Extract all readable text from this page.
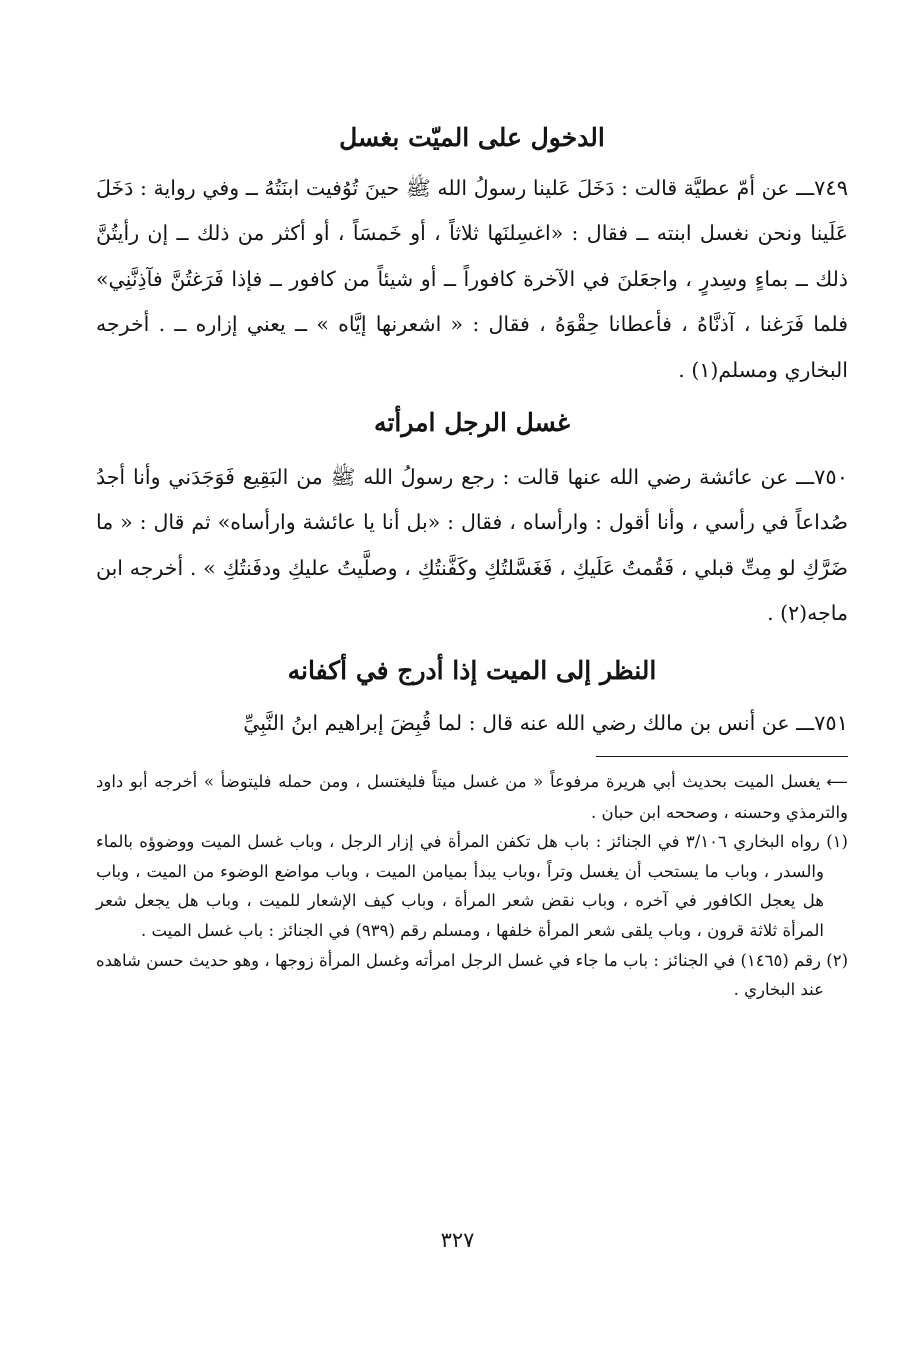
الدخول على الميّت بغسل

٧٤٩ـــ عن أمّ عطيَّة قالت : دَخَلَ عَلينا رسولُ الله ﷺ حينَ تُوُفيت ابنَتُهُ ــ وفي رواية : دَخَلَ عَلَينا ونحن نغسل ابنته ــ فقال : «اغسِلنَها ثلاثاً ، أو خَمسَاً ، أو أكثر من ذلك ــ إن رأيتُنَّ ذلك ــ بماءٍ وسِدرٍ ، واجعَلنَ في الآخرة كافوراً ــ أو شيئاً من كافور ــ فإذا فَرَغتُنَّ فآذِنَّنِي» فلما فَرَغنا ، آذنَّاهُ ، فأعطانا حِقْوَهُ ، فقال : « اشعرنها إيَّاه » ــ يعني إزاره ــ . أخرجه البخاري ومسلم(١) .

غسل الرجل امرأته

٧٥٠ـــ عن عائشة رضي الله عنها قالت : رجع رسولُ الله ﷺ من البَقِيع فَوَجَدَني وأنا أجدُ صُداعاً في رأسي ، وأنا أقول : وارأساه ، فقال : «بل أنا يا عائشة وارأساه» ثم قال : « ما ضَرَّكِ لو مِتِّ قبلي ، فَقُمتُ عَلَيكِ ، فَغَسَّلتُكِ وكَفَّنتُكِ ، وصلَّيتُ عليكِ ودفَنتُكِ » . أخرجه ابن ماجه(٢) .

النظر إلى الميت إذا أدرج في أكفانه

٧٥١ـــ عن أنس بن مالك رضي الله عنه قال : لما قُبِضَ إبراهيم ابنُ النَّبِيِّ

⟵يغسل الميت بحديث أبي هريرة مرفوعاً « من غسل ميتاً فليغتسل ، ومن حمله فليتوضأ » أخرجه أبو داود والترمذي وحسنه ، وصححه ابن حبان .

(١) رواه البخاري ٣/١٠٦ في الجنائز : باب هل تكفن المرأة في إزار الرجل ، وباب غسل الميت ووضوؤه بالماء والسدر ، وباب ما يستحب أن يغسل وتراً ،وباب يبدأ بميامن الميت ، وباب مواضع الوضوء من الميت ، وباب هل يعجل الكافور في آخره ، وباب نقض شعر المرأة ، وباب كيف الإشعار للميت ، وباب هل يجعل شعر المرأة ثلاثة قرون ، وباب يلقى شعر المرأة خلفها ، ومسلم رقم (٩٣٩) في الجنائز : باب غسل الميت .

(٢) رقم (١٤٦٥) في الجنائز : باب ما جاء في غسل الرجل امرأته وغسل المرأة زوجها ، وهو حديث حسن شاهده عند البخاري .

٣٢٧
